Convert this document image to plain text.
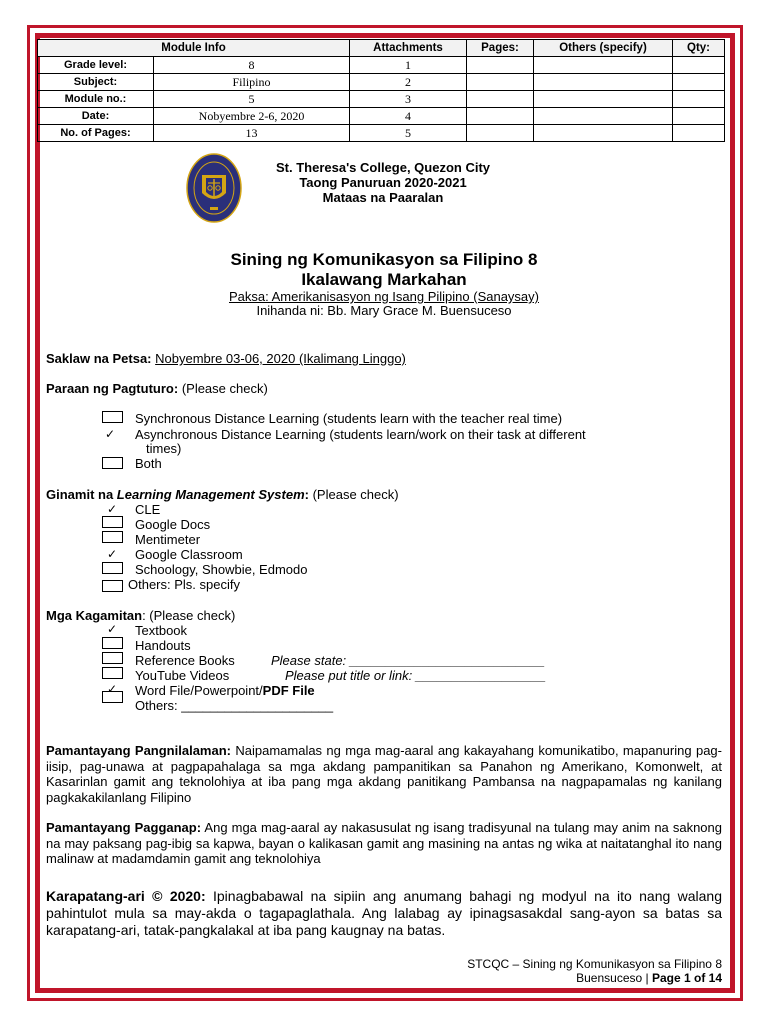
Module Info		Attachments	Pages:	Others (specify)	Qty:
Grade level:	8	1			
Subject:	Filipino	2			
Module no.:	5	3			
Date:	Nobyembre 2-6, 2020	4			
No. of Pages:	13	5			
St. Theresa's College, Quezon City
Taong Panuruan 2020-2021
Mataas na Paaralan
Sining ng Komunikasyon sa Filipino 8
Ikalawang Markahan
Paksa: Amerikanisasyon ng Isang Pilipino (Sanaysay)
Inihanda ni: Bb. Mary Grace M. Buensuceso
Saklaw na Petsa: Nobyembre 03-06, 2020 (Ikalimang Linggo)
Paraan ng Pagtuturo: (Please check)
Synchronous Distance Learning (students learn with the teacher real time)
✓ Asynchronous Distance Learning (students learn/work on their task at different
times)
Both
Ginamit na Learning Management System: (Please check)
✓ CLE
Google Docs
Mentimeter
✓ Google Classroom
Schoology, Showbie, Edmodo
Others: Pls. specify
Mga Kagamitan: (Please check)
✓ Textbook
Handouts
Reference Books	Please state: ___________________________
YouTube Videos	Please put title or link: __________________
✓ Word File/Powerpoint/PDF File
Others: _____________________
Pamantayang Pangnilalaman: Naipamamalas ng mga mag-aaral ang kakayahang komunikatibo, mapanuring pag-iisip, pag-unawa at pagpapahalaga sa mga akdang pampanitikan sa Panahon ng Amerikano, Komonwelt, at Kasarinlan gamit ang teknolohiya at iba pang mga akdang panitikang Pambansa na nagpapamalas ng kanilang pagkakakilanlang Filipino
Pamantayang Pagganap: Ang mga mag-aaral ay nakasusulat ng isang tradisyunal na tulang may anim na saknong na may paksang pag-ibig sa kapwa, bayan o kalikasan gamit ang masining na antas ng wika at naitatanghal ito nang malinaw at madamdamin gamit ang teknolohiya
Karapatang-ari © 2020: Ipinagbabawal na sipiin ang anumang bahagi ng modyul na ito nang walang pahintulot mula sa may-akda o tagapaglathala. Ang lalabag ay ipinagsasakdal sang-ayon sa batas sa karapatang-ari, tatak-pangkalakal at iba pang kaugnay na batas.
STCQC – Sining ng Komunikasyon sa Filipino 8
Buensuceso | Page 1 of 14
